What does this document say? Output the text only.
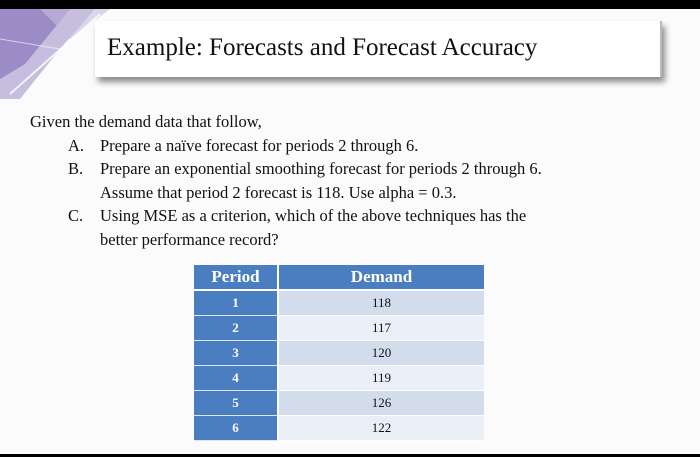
Example: Forecasts and Forecast Accuracy

Given the demand data that follow,

A. Prepare a naïve forecast for periods 2 through 6.
B. Prepare an exponential smoothing forecast for periods 2 through 6.
Assume that period 2 forecast is 118. Use alpha = 0.3.
C. Using MSE as a criterion, which of the above techniques has the
better performance record?
Period	Demand
1	118
2	117
3	120
4	119
5	126
6	122
